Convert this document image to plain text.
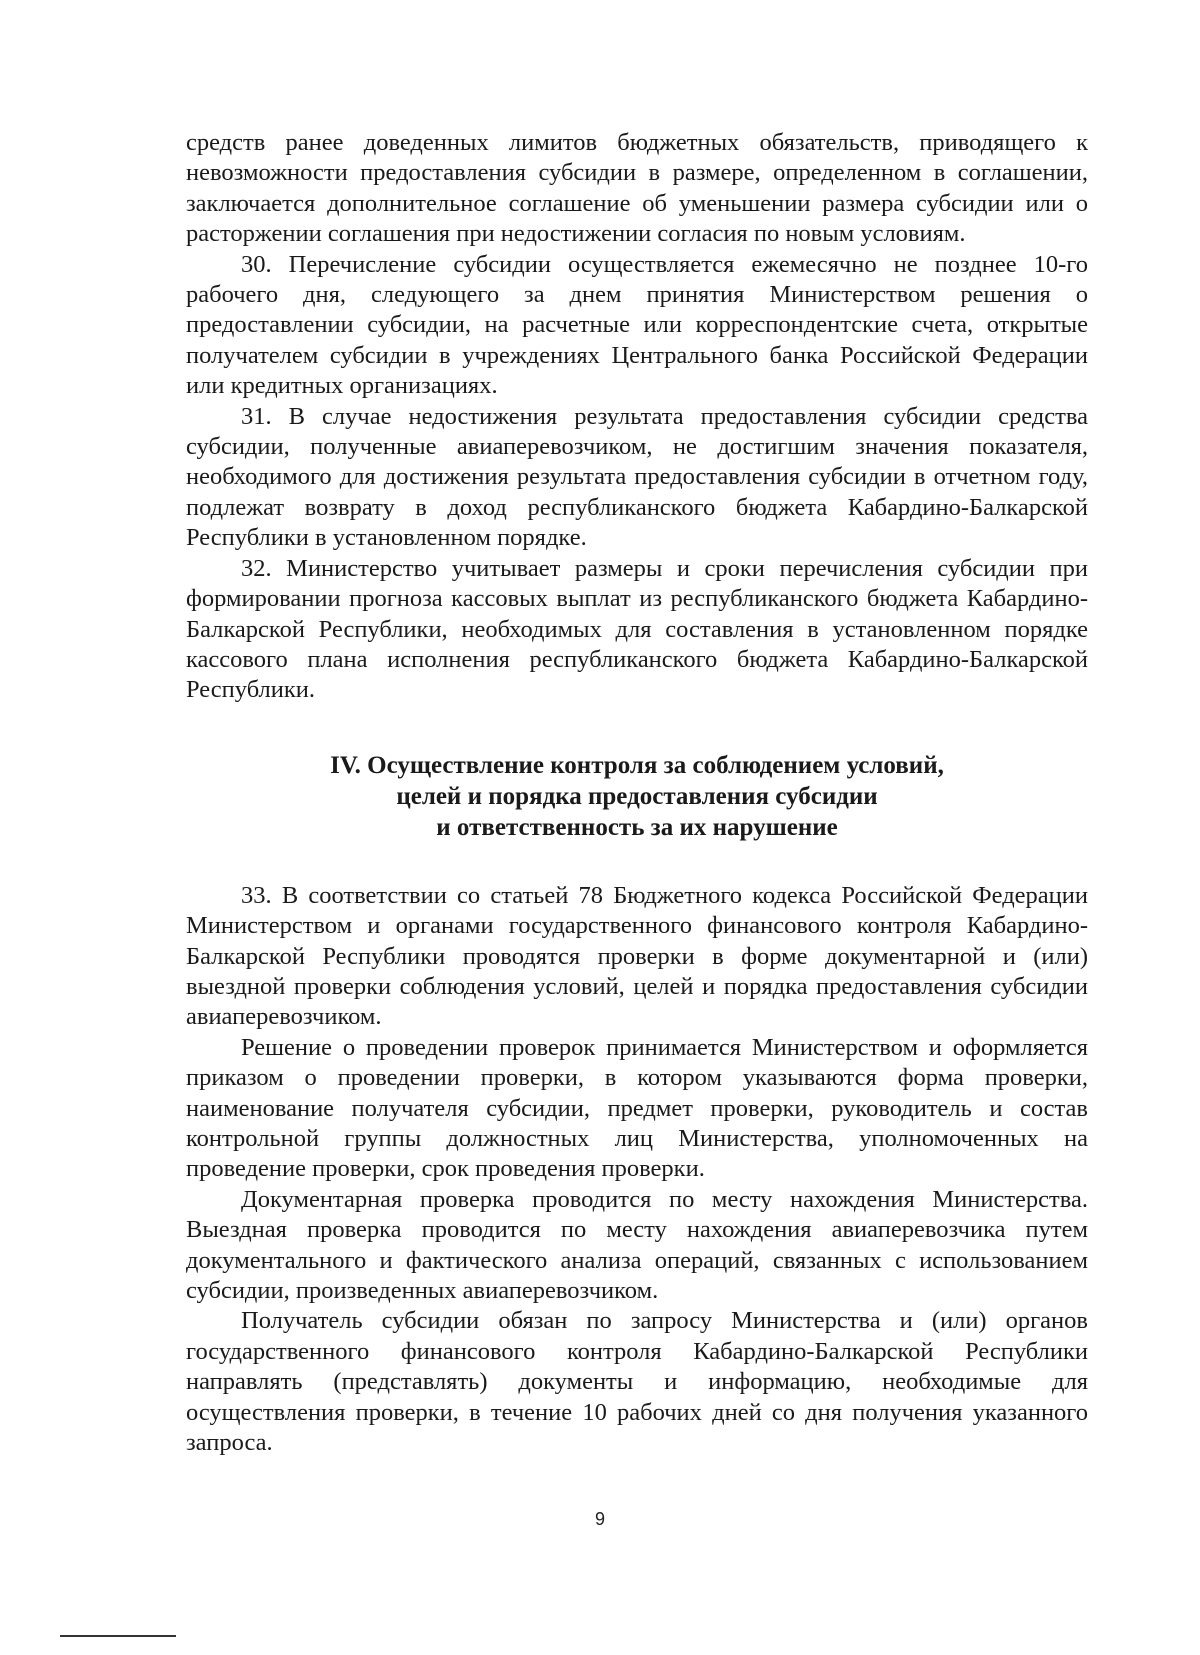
средств ранее доведенных лимитов бюджетных обязательств, приводящего к невозможности предоставления субсидии в размере, определенном в соглашении, заключается дополнительное соглашение об уменьшении размера субсидии или о расторжении соглашения при недостижении согласия по новым условиям.

30. Перечисление субсидии осуществляется ежемесячно не позднее 10-го рабочего дня, следующего за днем принятия Министерством решения о предоставлении субсидии, на расчетные или корреспондентские счета, открытые получателем субсидии в учреждениях Центрального банка Российской Федерации или кредитных организациях.

31. В случае недостижения результата предоставления субсидии средства субсидии, полученные авиаперевозчиком, не достигшим значения показателя, необходимого для достижения результата предоставления субсидии в отчетном году, подлежат возврату в доход республиканского бюджета Кабардино-Балкарской Республики в установленном порядке.

32. Министерство учитывает размеры и сроки перечисления субсидии при формировании прогноза кассовых выплат из республиканского бюджета Кабардино-Балкарской Республики, необходимых для составления в установленном порядке кассового плана исполнения республиканского бюджета Кабардино-Балкарской Республики.

IV. Осуществление контроля за соблюдением условий,
целей и порядка предоставления субсидии
и ответственность за их нарушение

33. В соответствии со статьей 78 Бюджетного кодекса Российской Федерации Министерством и органами государственного финансового контроля Кабардино-Балкарской Республики проводятся проверки в форме документарной и (или) выездной проверки соблюдения условий, целей и порядка предоставления субсидии авиаперевозчиком.

Решение о проведении проверок принимается Министерством и оформляется приказом о проведении проверки, в котором указываются форма проверки, наименование получателя субсидии, предмет проверки, руководитель и состав контрольной группы должностных лиц Министерства, уполномоченных на проведение проверки, срок проведения проверки.

Документарная проверка проводится по месту нахождения Министерства. Выездная проверка проводится по месту нахождения авиаперевозчика путем документального и фактического анализа операций, связанных с использованием субсидии, произведенных авиаперевозчиком.

Получатель субсидии обязан по запросу Министерства и (или) органов государственного финансового контроля Кабардино-Балкарской Республики направлять (представлять) документы и информацию, необходимые для осуществления проверки, в течение 10 рабочих дней со дня получения указанного запроса.

9
